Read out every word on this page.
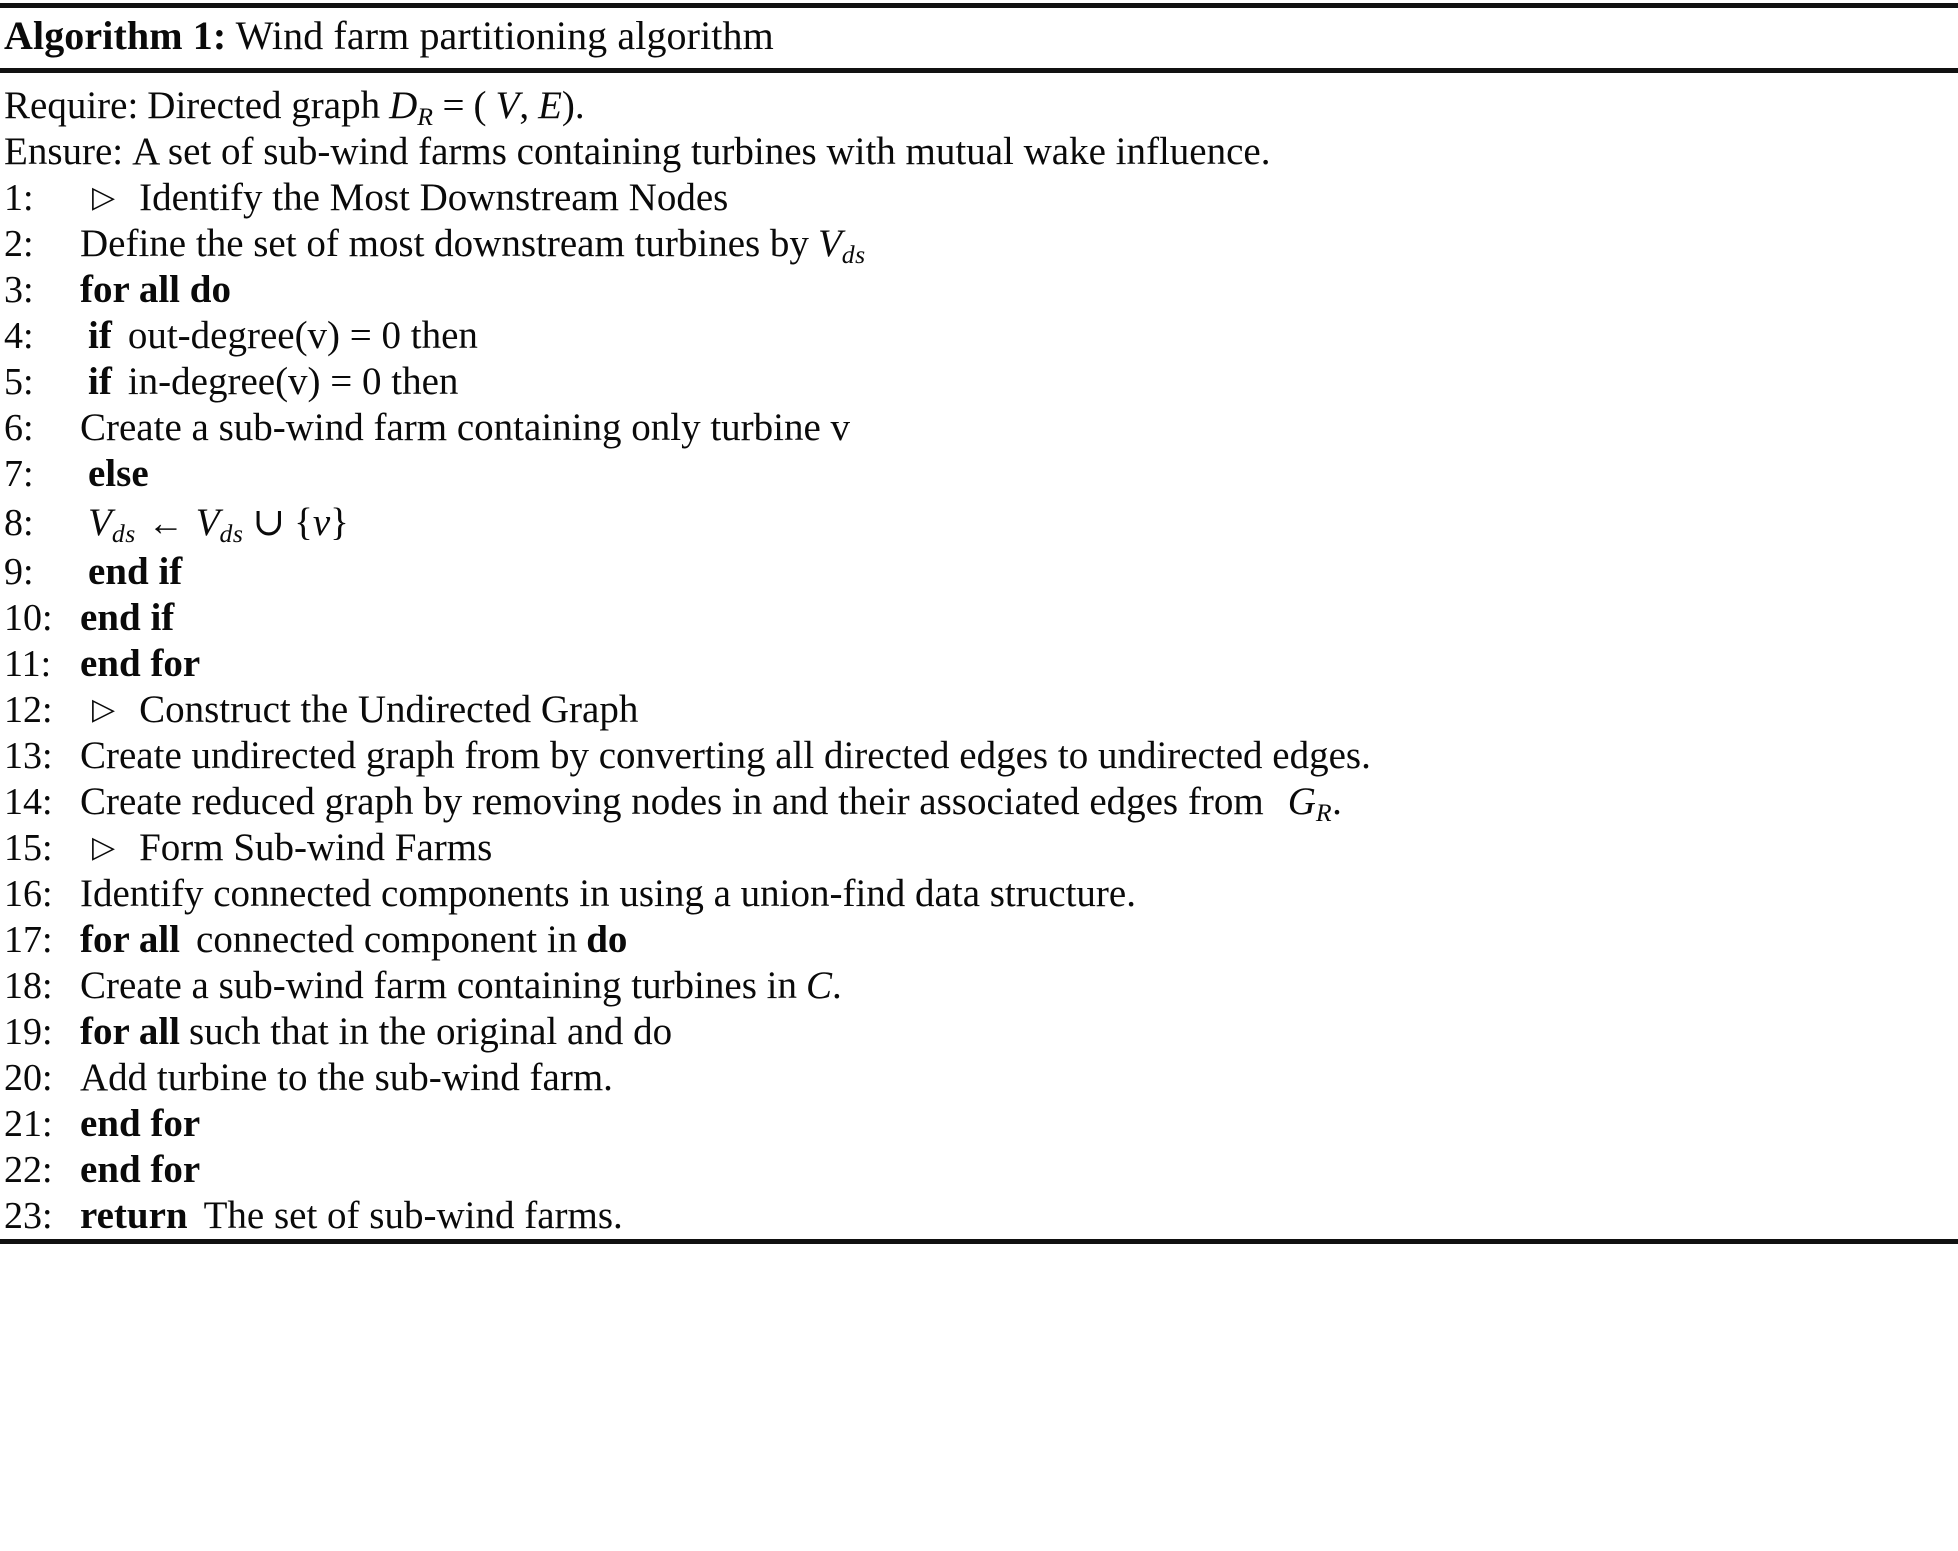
Algorithm 1: Wind farm partitioning algorithm
Require: Directed graph $D_R$ = ( V, E).
Ensure: A set of sub-wind farms containing turbines with mutual wake influence.
1: ▷ Identify the Most Downstream Nodes
2: Define the set of most downstream turbines by $V_{ds}$
3: for all do
4: if out-degree(v) = 0 then
5: if in-degree(v) = 0 then
6: Create a sub-wind farm containing only turbine v
7: else
8: $V_{ds}$ ← $V_{ds}$ ∪ {v}
9: end if
10: end if
11: end for
12: ▷ Construct the Undirected Graph
13: Create undirected graph from by converting all directed edges to undirected edges.
14: Create reduced graph by removing nodes in and their associated edges from $G_R$.
15: ▷ Form Sub-wind Farms
16: Identify connected components in using a union-find data structure.
17: for all connected component in do
18: Create a sub-wind farm containing turbines in C.
19: for all such that in the original and do
20: Add turbine to the sub-wind farm.
21: end for
22: end for
23: return The set of sub-wind farms.
